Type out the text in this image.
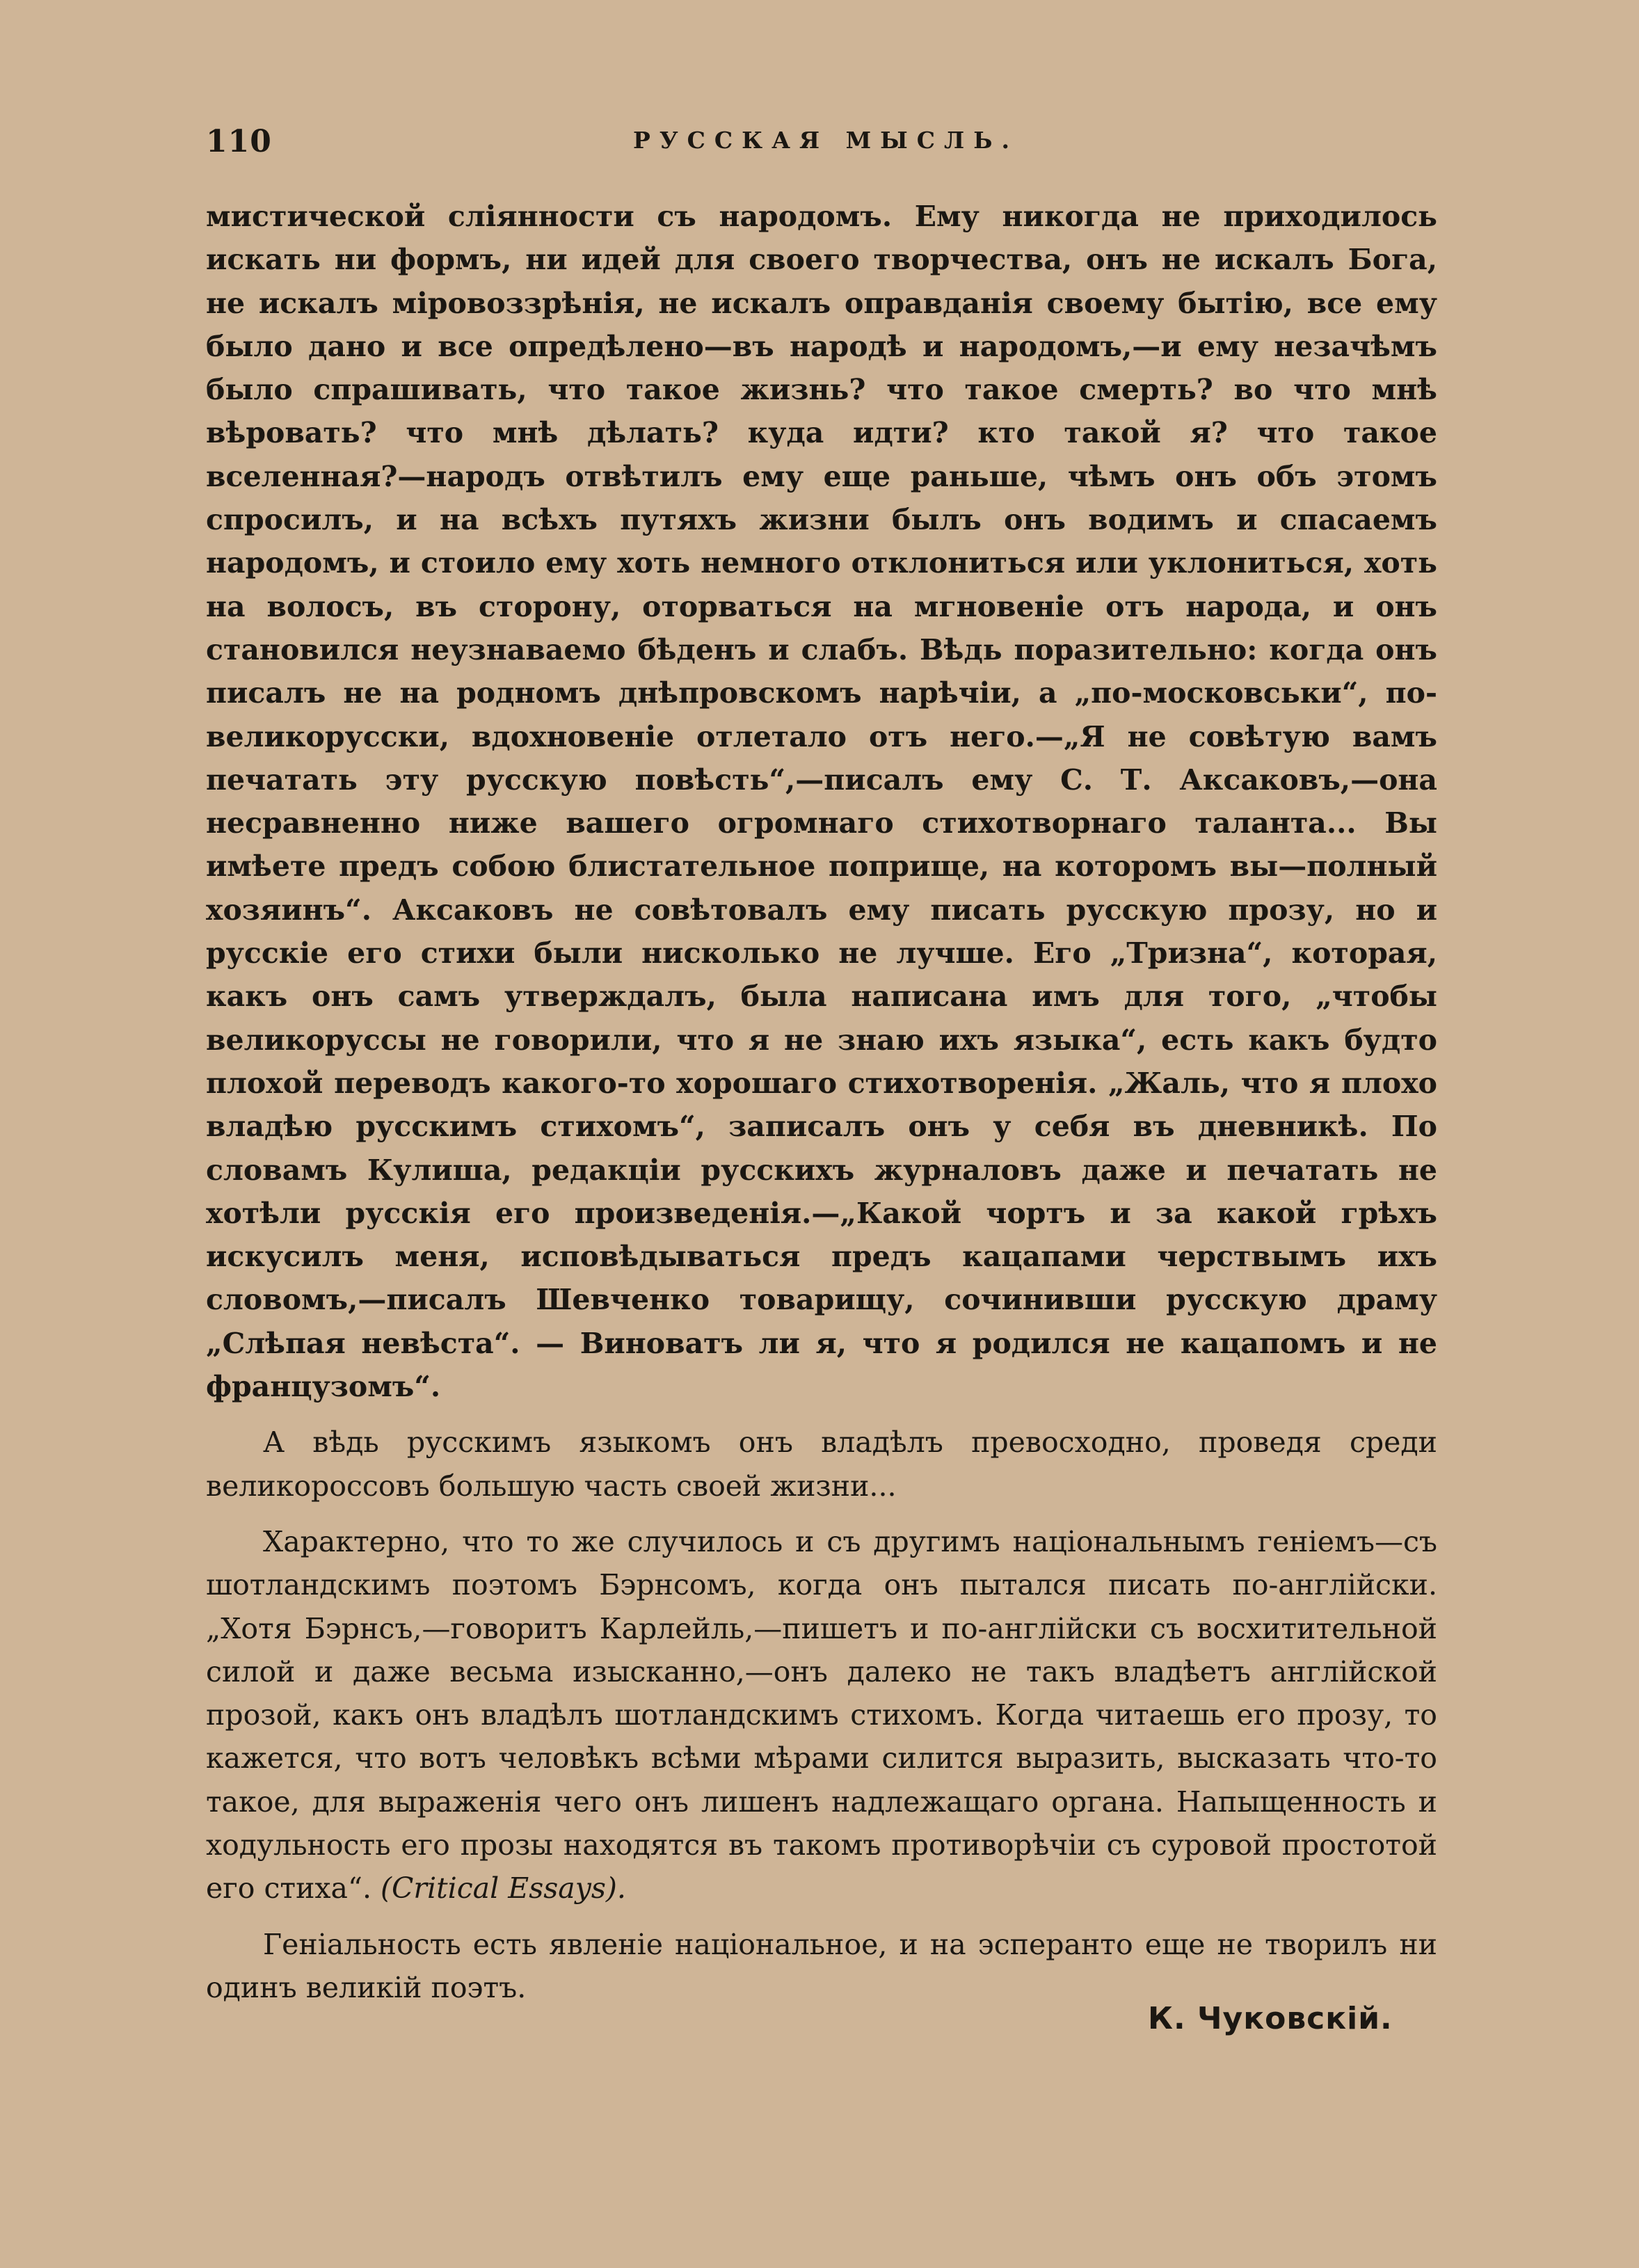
110	РУССКАЯ МЫСЛЬ.

мистической слiянности съ народомъ. Ему никогда не приходилось искать ни формъ, ни идей для своего творчества, онъ не искалъ Бога, не искалъ мiровоззрѣнiя, не искалъ оправданiя своему бытiю, все ему было дано и все опредѣлено—въ народѣ и народомъ,—и ему незачѣмъ было спрашивать, что такое жизнь? что такое смерть? во что мнѣ вѣровать? что мнѣ дѣлать? куда идти? кто такой я? что такое вселенная?—народъ отвѣтилъ ему еще раньше, чѣмъ онъ объ этомъ спросилъ, и на всѣхъ путяхъ жизни былъ онъ водимъ и спасаемъ народомъ, и стоило ему хоть немного отклониться или уклониться, хоть на волосъ, въ сторону, оторваться на мгновенiе отъ народа, и онъ становился неузнаваемо бѣденъ и слабъ. Вѣдь поразительно: когда онъ писалъ не на родномъ днѣпровскомъ нарѣчiи, а „по-московськи“, по-великорусски, вдохновенiе отлетало отъ него.—„Я не совѣтую вамъ печатать эту русскую повѣсть“,—писалъ ему С. Т. Аксаковъ,—она несравненно ниже вашего огромнаго стихотворнаго таланта... Вы имѣете предъ собою блистательное поприще, на которомъ вы—полный хозяинъ“. Аксаковъ не совѣтовалъ ему писать русскую прозу, но и русскiе его стихи были нисколько не лучше. Его „Тризна“, которая, какъ онъ самъ утверждалъ, была написана имъ для того, „чтобы великоруссы не говорили, что я не знаю ихъ языка“, есть какъ будто плохой переводъ какого-то хорошаго стихотворенiя. „Жаль, что я плохо владѣю русскимъ стихомъ“, записалъ онъ у себя въ дневникѣ. По словамъ Кулиша, редакцiи русскихъ журналовъ даже и печатать не хотѣли русскiя его произведенiя.—„Какой чортъ и за какой грѣхъ искусилъ меня, исповѣдываться предъ кацапами черствымъ ихъ словомъ,—писалъ Шевченко товарищу, сочинивши русскую драму „Слѣпая невѣста“. — Виноватъ ли я, что я родился не кацапомъ и не французомъ“.

А вѣдь русскимъ языкомъ онъ владѣлъ превосходно, проведя среди великороссовъ большую часть своей жизни...

Характерно, что то же случилось и съ другимъ нацiональнымъ генiемъ—съ шотландскимъ поэтомъ Бэрнсомъ, когда онъ пытался писать по-англiйски. „Хотя Бэрнсъ,—говоритъ Карлейль,—пишетъ и по-англiйски съ восхитительной силой и даже весьма изысканно,—онъ далеко не такъ владѣетъ англiйской прозой, какъ онъ владѣлъ шотландскимъ стихомъ. Когда читаешь его прозу, то кажется, что вотъ человѣкъ всѣми мѣрами силится выразить, высказать что-то такое, для выраженiя чего онъ лишенъ надлежащаго органа. Напыщенность и ходульность его прозы находятся въ такомъ противорѣчiи съ суровой простотой его стиха“. (Critical Essays).

Генiальность есть явленiе нацiональное, и на эсперанто еще не творилъ ни одинъ великiй поэтъ.

К. Чуковскiй.
